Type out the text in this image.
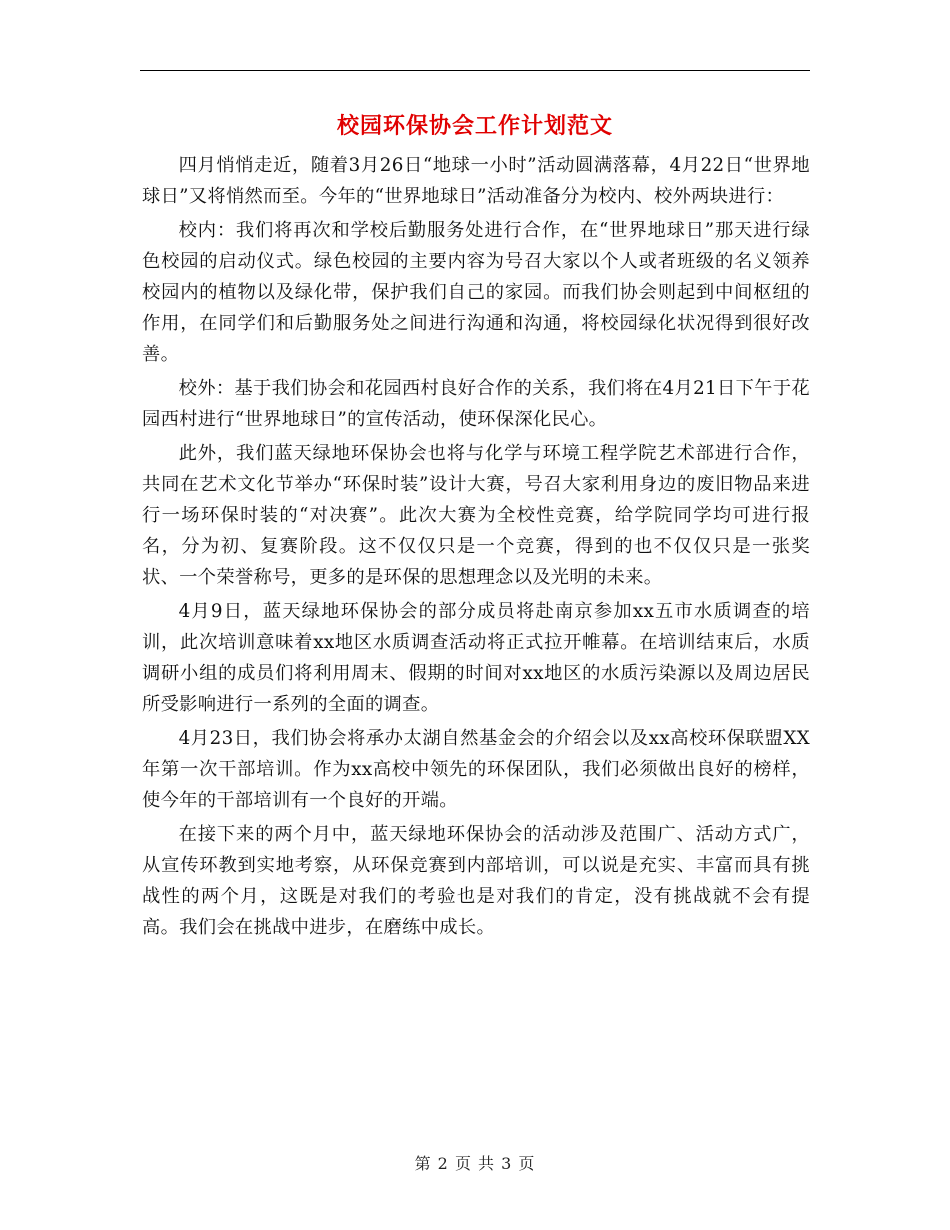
校园环保协会工作计划范文

四月悄悄走近，随着3月26日“地球一小时”活动圆满落幕，4月22日“世界地球日”又将悄然而至。今年的“世界地球日”活动准备分为校内、校外两块进行：

校内：我们将再次和学校后勤服务处进行合作，在“世界地球日”那天进行绿色校园的启动仪式。绿色校园的主要内容为号召大家以个人或者班级的名义领养校园内的植物以及绿化带，保护我们自己的家园。而我们协会则起到中间枢纽的作用，在同学们和后勤服务处之间进行沟通和沟通，将校园绿化状况得到很好改善。

校外：基于我们协会和花园西村良好合作的关系，我们将在4月21日下午于花园西村进行“世界地球日”的宣传活动，使环保深化民心。

此外，我们蓝天绿地环保协会也将与化学与环境工程学院艺术部进行合作，共同在艺术文化节举办“环保时装”设计大赛，号召大家利用身边的废旧物品来进行一场环保时装的“对决赛”。此次大赛为全校性竞赛，给学院同学均可进行报名，分为初、复赛阶段。这不仅仅只是一个竞赛，得到的也不仅仅只是一张奖状、一个荣誉称号，更多的是环保的思想理念以及光明的未来。

4月9日，蓝天绿地环保协会的部分成员将赴南京参加xx五市水质调查的培训，此次培训意味着xx地区水质调查活动将正式拉开帷幕。在培训结束后，水质调研小组的成员们将利用周末、假期的时间对xx地区的水质污染源以及周边居民所受影响进行一系列的全面的调查。

4月23日，我们协会将承办太湖自然基金会的介绍会以及xx高校环保联盟XX年第一次干部培训。作为xx高校中领先的环保团队，我们必须做出良好的榜样，使今年的干部培训有一个良好的开端。

在接下来的两个月中，蓝天绿地环保协会的活动涉及范围广、活动方式广，从宣传环教到实地考察，从环保竞赛到内部培训，可以说是充实、丰富而具有挑战性的两个月，这既是对我们的考验也是对我们的肯定，没有挑战就不会有提高。我们会在挑战中进步，在磨练中成长。

第 2 页 共 3 页
